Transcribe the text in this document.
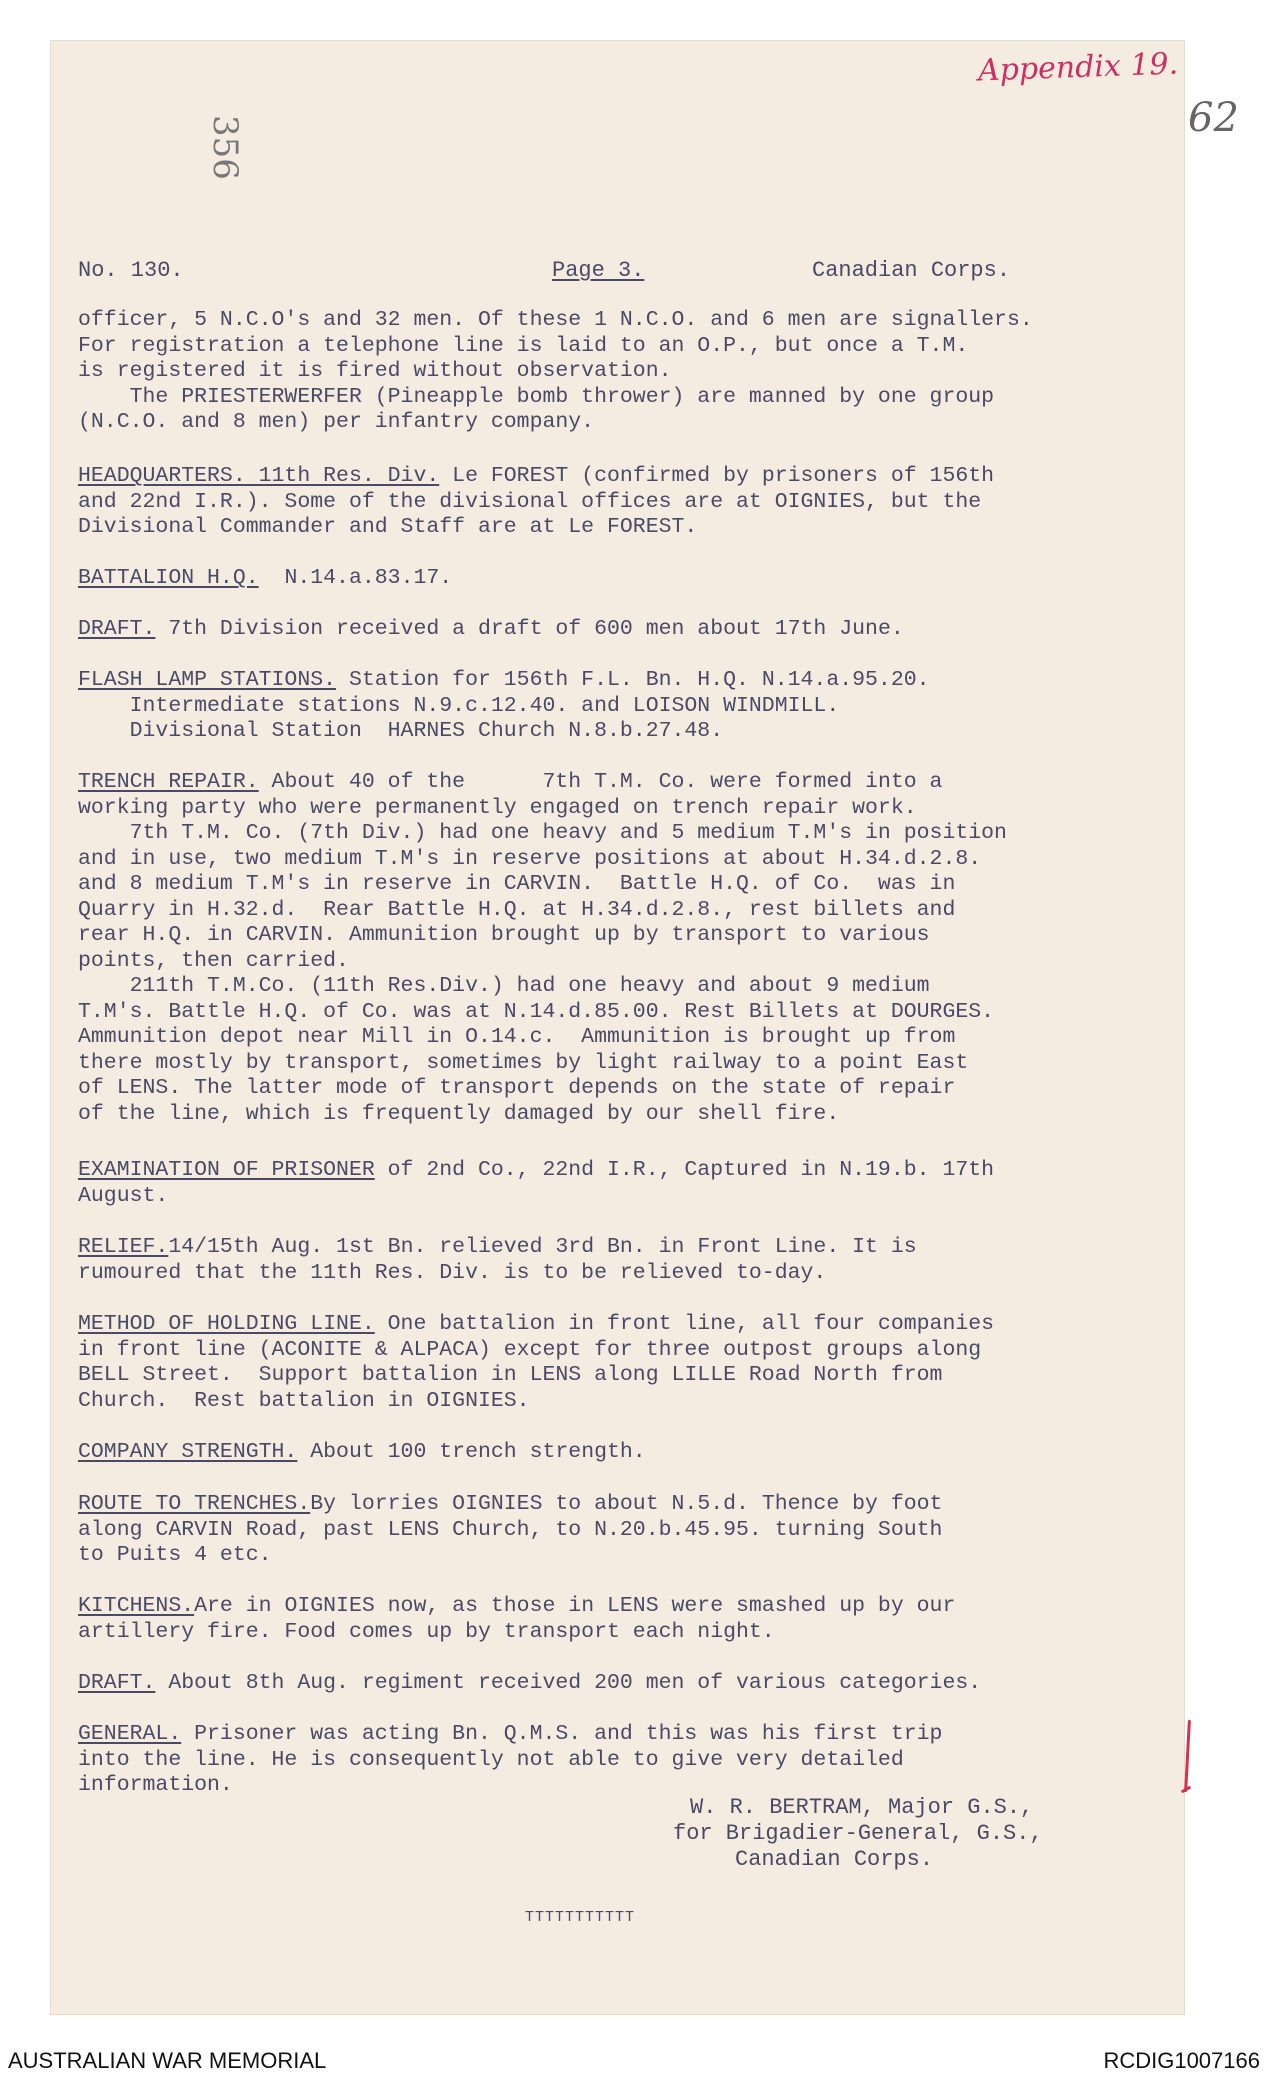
Appendix 19.
62
356
No. 130.	Page 3.	Canadian Corps.
officer, 5 N.C.O's and 32 men. Of these 1 N.C.O. and 6 men are signallers.
For registration a telephone line is laid to an O.P., but once a T.M.
is registered it is fired without observation.
The PRIESTERWERFER (Pineapple bomb thrower) are manned by one group
(N.C.O. and 8 men) per infantry company.
HEADQUARTERS. 11th Res. Div. Le FOREST (confirmed by prisoners of 156th
and 22nd I.R.). Some of the divisional offices are at OIGNIES, but the
Divisional Commander and Staff are at Le FOREST.
BATTALION H.Q.  N.14.a.83.17.
DRAFT. 7th Division received a draft of 600 men about 17th June.
FLASH LAMP STATIONS. Station for 156th F.L. Bn. H.Q. N.14.a.95.20.
Intermediate stations N.9.c.12.40. and LOISON WINDMILL.
Divisional Station  HARNES Church N.8.b.27.48.
TRENCH REPAIR. About 40 of the      7th T.M. Co. were formed into a
working party who were permanently engaged on trench repair work.
7th T.M. Co. (7th Div.) had one heavy and 5 medium T.M's in position
and in use, two medium T.M's in reserve positions at about H.34.d.2.8.
and 8 medium T.M's in reserve in CARVIN.  Battle H.Q. of Co.  was in
Quarry in H.32.d.  Rear Battle H.Q. at H.34.d.2.8., rest billets and
rear H.Q. in CARVIN. Ammunition brought up by transport to various
points, then carried.
211th T.M.Co. (11th Res.Div.) had one heavy and about 9 medium
T.M's. Battle H.Q. of Co. was at N.14.d.85.00. Rest Billets at DOURGES.
Ammunition depot near Mill in O.14.c.  Ammunition is brought up from
there mostly by transport, sometimes by light railway to a point East
of LENS. The latter mode of transport depends on the state of repair
of the line, which is frequently damaged by our shell fire.
EXAMINATION OF PRISONER of 2nd Co., 22nd I.R., Captured in N.19.b. 17th
August.
RELIEF.14/15th Aug. 1st Bn. relieved 3rd Bn. in Front Line. It is
rumoured that the 11th Res. Div. is to be relieved to-day.
METHOD OF HOLDING LINE. One battalion in front line, all four companies
in front line (ACONITE & ALPACA) except for three outpost groups along
BELL Street.  Support battalion in LENS along LILLE Road North from
Church.  Rest battalion in OIGNIES.
COMPANY STRENGTH. About 100 trench strength.
ROUTE TO TRENCHES.By lorries OIGNIES to about N.5.d. Thence by foot
along CARVIN Road, past LENS Church, to N.20.b.45.95. turning South
to Puits 4 etc.
KITCHENS.Are in OIGNIES now, as those in LENS were smashed up by our
artillery fire. Food comes up by transport each night.
DRAFT. About 8th Aug. regiment received 200 men of various categories.
GENERAL. Prisoner was acting Bn. Q.M.S. and this was his first trip
into the line. He is consequently not able to give very detailed
information.
W. R. BERTRAM, Major G.S.,
for Brigadier-General, G.S.,
Canadian Corps.
TTTTTTTTTTT
AUSTRALIAN WAR MEMORIAL	RCDIG1007166
